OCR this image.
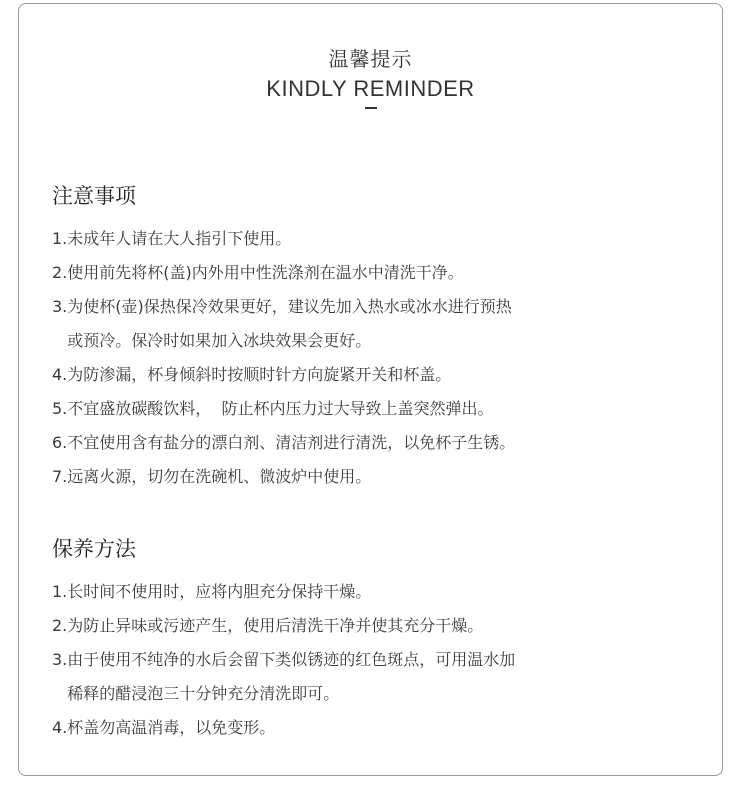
温馨提示
KINDLY REMINDER
注意事项
1.未成年人请在大人指引下使用。
2.使用前先将杯(盖)内外用中性洗涤剂在温水中清洗干净。
3.为使杯(壶)保热保冷效果更好，建议先加入热水或冰水进行预热
或预冷。保冷时如果加入冰块效果会更好。
4.为防渗漏，杯身倾斜时按顺时针方向旋紧开关和杯盖。
5.不宜盛放碳酸饮料，  防止杯内压力过大导致上盖突然弹出。
6.不宜使用含有盐分的漂白剂、清洁剂进行清洗，以免杯子生锈。
7.远离火源，切勿在洗碗机、微波炉中使用。
保养方法
1.长时间不使用时，应将内胆充分保持干燥。
2.为防止异味或污迹产生，使用后清洗干净并使其充分干燥。
3.由于使用不纯净的水后会留下类似锈迹的红色斑点，可用温水加
稀释的醋浸泡三十分钟充分清洗即可。
4.杯盖勿高温消毒，以免变形。
